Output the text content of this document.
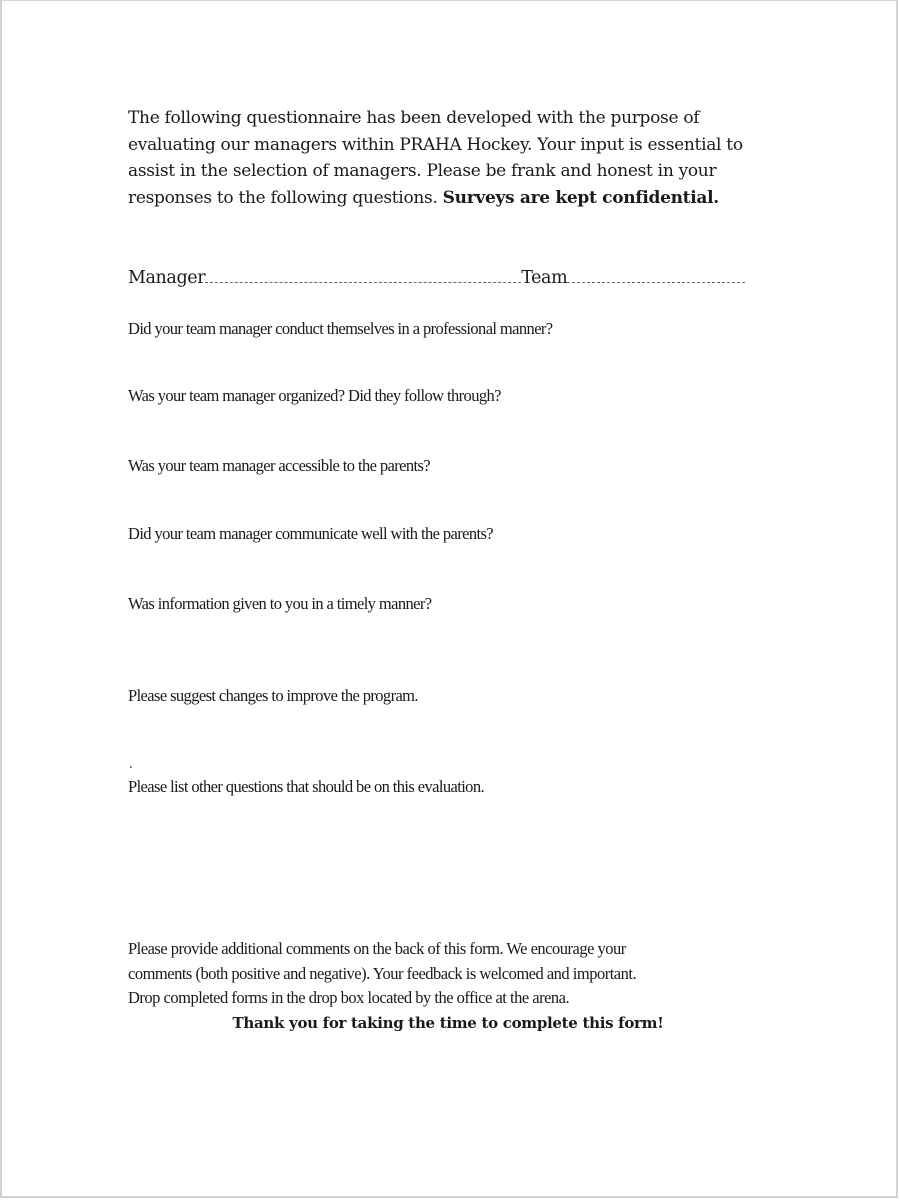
The following questionnaire has been developed with the purpose of evaluating our managers within PRAHA Hockey. Your input is essential to assist in the selection of managers. Please be frank and honest in your responses to the following questions. Surveys are kept confidential.
Manager	Team
Did your team manager conduct themselves in a professional manner?
Was your team manager organized? Did they follow through?
Was your team manager accessible to the parents?
Did your team manager communicate well with the parents?
Was information given to you in a timely manner?
Please suggest changes to improve the program.
.
Please list other questions that should be on this evaluation.
Please provide additional comments on the back of this form. We encourage your
comments (both positive and negative). Your feedback is welcomed and important.
Drop completed forms in the drop box located by the office at the arena.
Thank you for taking the time to complete this form!
